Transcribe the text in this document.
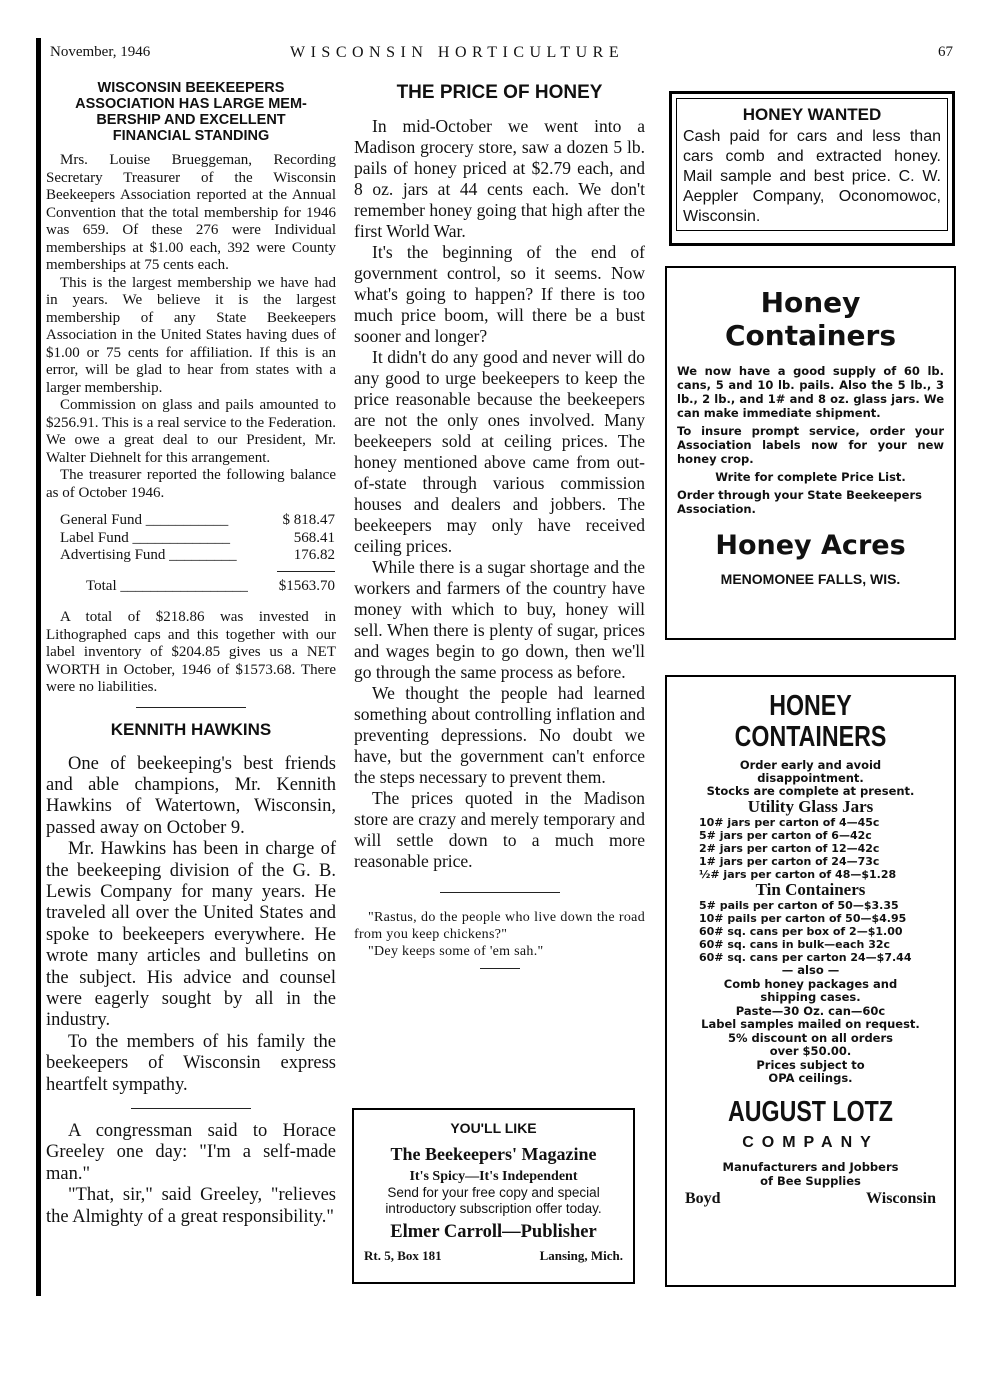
November, 1946	WISCONSIN HORTICULTURE	67
WISCONSIN BEEKEEPERS
ASSOCIATION HAS LARGE MEM-
BERSHIP AND EXCELLENT
FINANCIAL STANDING

Mrs. Louise Brueggeman, Recording Secretary Treasurer of the Wisconsin Beekeepers Association reported at the Annual Convention that the total membership for 1946 was 659. Of these 276 were Individual memberships at $1.00 each, 392 were County memberships at 75 cents each.

This is the largest membership we have had in years. We believe it is the largest membership of any State Beekeepers Association in the United States having dues of $1.00 or 75 cents for affiliation. If this is an error, will be glad to hear from states with a larger membership.

Commission on glass and pails amounted to $256.91. This is a real service to the Federation. We owe a great deal to our President, Mr. Walter Diehnelt for this arrangement.

The treasurer reported the following balance as of October 1946.

General Fund ___________	$ 818.47
Label Fund _____________	568.41
Advertising Fund _________	176.82
Total _________________ $1563.70

A total of $218.86 was invested in Lithographed caps and this together with our label inventory of $204.85 gives us a NET WORTH in October, 1946 of $1573.68. There were no liabilities.

KENNITH HAWKINS

One of beekeeping's best friends and able champions, Mr. Kennith Hawkins of Watertown, Wisconsin, passed away on October 9.

Mr. Hawkins has been in charge of the beekeeping division of the G. B. Lewis Company for many years. He traveled all over the United States and spoke to beekeepers everywhere. He wrote many articles and bulletins on the subject. His advice and counsel were eagerly sought by all in the industry.

To the members of his family the beekeepers of Wisconsin express heartfelt sympathy.

A congressman said to Horace Greeley one day: "I'm a self-made man."

"That, sir," said Greeley, "relieves the Almighty of a great responsibility."

THE PRICE OF HONEY

In mid-October we went into a Madison grocery store, saw a dozen 5 lb. pails of honey priced at $2.79 each, and 8 oz. jars at 44 cents each. We don't remember honey going that high after the first World War.

It's the beginning of the end of government control, so it seems. Now what's going to happen? If there is too much price boom, will there be a bust sooner and longer?

It didn't do any good and never will do any good to urge beekeepers to keep the price reasonable because the beekeepers are not the only ones involved. Many beekeepers sold at ceiling prices. The honey mentioned above came from out-of-state through various commission houses and dealers and jobbers. The beekeepers may only have received ceiling prices.

While there is a sugar shortage and the workers and farmers of the country have money with which to buy, honey will sell. When there is plenty of sugar, prices and wages begin to go down, then we'll go through the same process as before.

We thought the people had learned something about controlling inflation and preventing depressions. No doubt we have, but the government can't enforce the steps necessary to prevent them.

The prices quoted in the Madison store are crazy and merely temporary and will settle down to a much more reasonable price.

"Rastus, do the people who live down the road from you keep chickens?"

"Dey keeps some of 'em sah."

YOU'LL LIKE
The Beekeepers' Magazine
It's Spicy—It's Independent
Send for your free copy and special introductory subscription offer today.
Elmer Carroll—Publisher
Rt. 5, Box 181	Lansing, Mich.
HONEY WANTED
Cash paid for cars and less than cars comb and extracted honey. Mail sample and best price. C. W. Aeppler Company, Oconomowoc, Wisconsin.
Honey
Containers
We now have a good supply of 60 lb. cans, 5 and 10 lb. pails. Also the 5 lb., 3 lb., 2 lb., and 1# and 8 oz. glass jars. We can make immediate shipment.
To insure prompt service, order your Association labels now for your new honey crop.
Write for complete Price List.
Order through your State Beekeepers Association.
Honey Acres
MENOMONEE FALLS, WIS.
HONEY
CONTAINERS
Order early and avoid
disappointment.
Stocks are complete at present.
Utility Glass Jars
10# jars per carton of 4—45c
5# jars per carton of 6—42c
2# jars per carton of 12—42c
1# jars per carton of 24—73c
½# jars per carton of 48—$1.28
Tin Containers
5# pails per carton of 50—$3.35
10# pails per carton of 50—$4.95
60# sq. cans per box of 2—$1.00
60# sq. cans in bulk—each 32c
60# sq. cans per carton 24—$7.44
— also —
Comb honey packages and
shipping cases.
Paste—30 Oz. can—60c
Label samples mailed on request.
5% discount on all orders
over $50.00.
Prices subject to
OPA ceilings.
AUGUST LOTZ
COMPANY
Manufacturers and Jobbers
of Bee Supplies
Boyd	Wisconsin
